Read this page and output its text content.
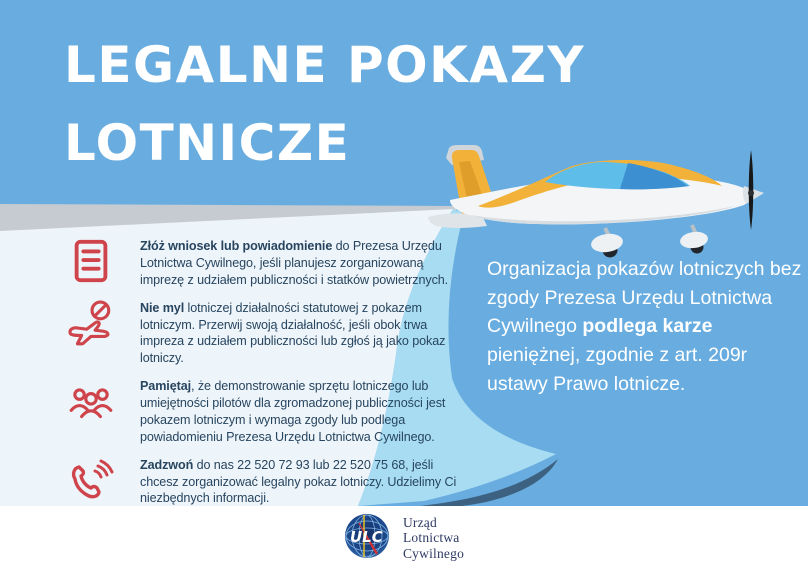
LEGALNE POKAZY
LOTNICZE
Złóż wniosek lub powiadomienie do Prezesa Urzędu Lotnictwa Cywilnego, jeśli planujesz zorganizowaną imprezę z udziałem publiczności i statków powietrznych.
Nie myl lotniczej działalności statutowej z pokazem lotniczym. Przerwij swoją działalność, jeśli obok trwa impreza z udziałem publiczności lub zgłoś ją jako pokaz lotniczy.
Pamiętaj, że demonstrowanie sprzętu lotniczego lub umiejętności pilotów dla zgromadzonej publiczności jest pokazem lotniczym i wymaga zgody lub podlega powiadomieniu Prezesa Urzędu Lotnictwa Cywilnego.
Zadzwoń do nas 22 520 72 93 lub 22 520 75 68, jeśli chcesz zorganizować legalny pokaz lotniczy. Udzielimy Ci niezbędnych informacji.
Organizacja pokazów lotniczych bez zgody Prezesa Urzędu Lotnictwa Cywilnego podlega karze pieniężnej, zgodnie z art. 209r ustawy Prawo lotnicze.
ULC
Urząd
Lotnictwa
Cywilnego
